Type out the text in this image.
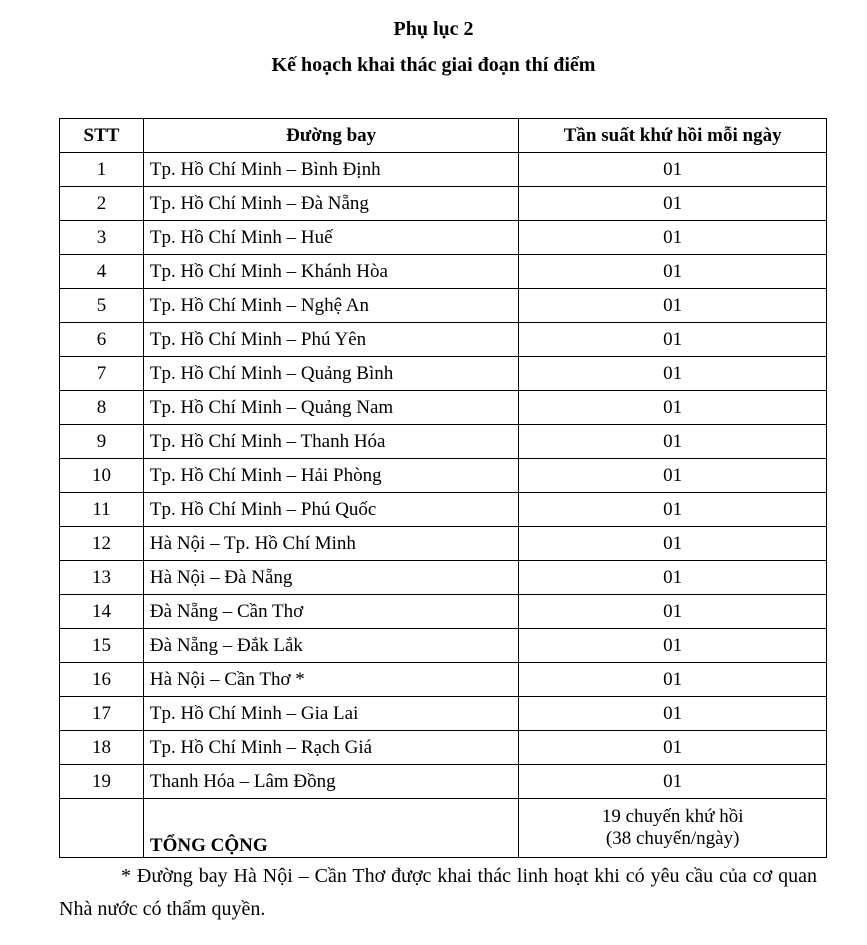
Phụ lục 2
Kế hoạch khai thác giai đoạn thí điểm
STT	Đường bay	Tần suất khứ hồi mỗi ngày
1	Tp. Hồ Chí Minh – Bình Định	01
2	Tp. Hồ Chí Minh – Đà Nẵng	01
3	Tp. Hồ Chí Minh – Huế	01
4	Tp. Hồ Chí Minh – Khánh Hòa	01
5	Tp. Hồ Chí Minh – Nghệ An	01
6	Tp. Hồ Chí Minh – Phú Yên	01
7	Tp. Hồ Chí Minh – Quảng Bình	01
8	Tp. Hồ Chí Minh – Quảng Nam	01
9	Tp. Hồ Chí Minh – Thanh Hóa	01
10	Tp. Hồ Chí Minh – Hải Phòng	01
11	Tp. Hồ Chí Minh – Phú Quốc	01
12	Hà Nội – Tp. Hồ Chí Minh	01
13	Hà Nội – Đà Nẵng	01
14	Đà Nẵng – Cần Thơ	01
15	Đà Nẵng – Đắk Lắk	01
16	Hà Nội – Cần Thơ *	01
17	Tp. Hồ Chí Minh – Gia Lai	01
18	Tp. Hồ Chí Minh – Rạch Giá	01
19	Thanh Hóa – Lâm Đồng	01
	TỔNG CỘNG	19 chuyến khứ hồi
(38 chuyến/ngày)
* Đường bay Hà Nội – Cần Thơ được khai thác linh hoạt khi có yêu cầu của cơ quan Nhà nước có thẩm quyền.
